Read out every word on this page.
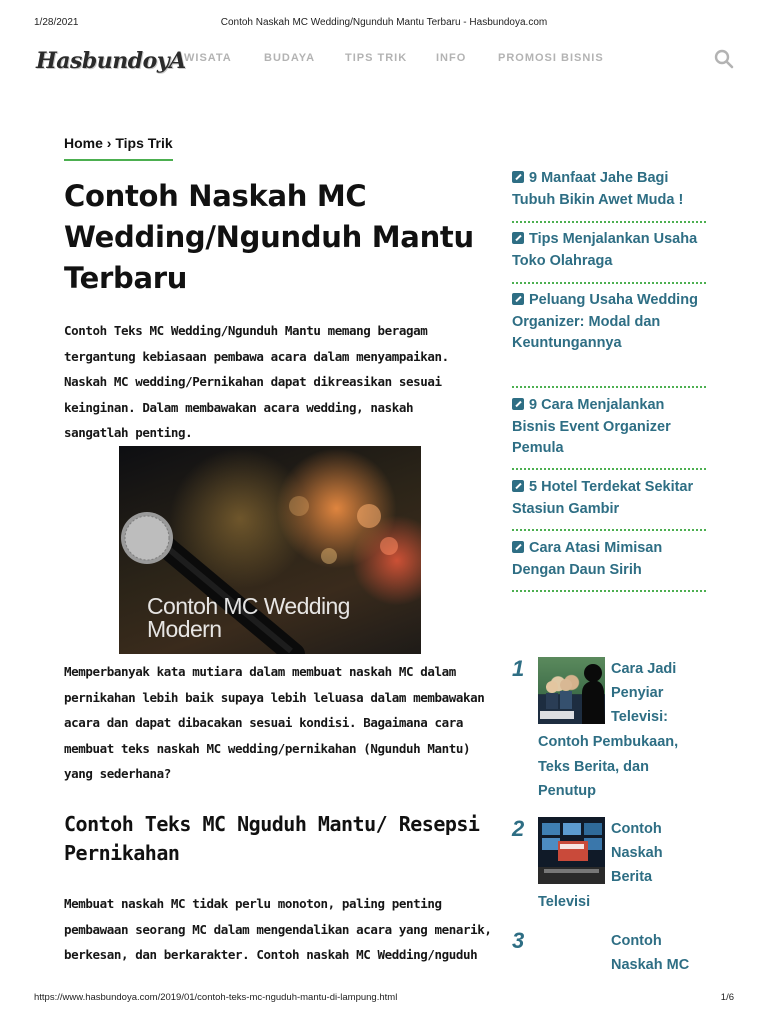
1/28/2021	Contoh Naskah MC Wedding/Ngunduh Mantu Terbaru - Hasbundoya.com
HasbundoyA
WISATA	BUDAYA	TIPS TRIK	INFO	PROMOSI BISNIS
Home › Tips Trik
Contoh Naskah MC Wedding/Ngunduh Mantu Terbaru

Contoh Teks MC Wedding/Ngunduh Mantu memang beragam tergantung kebiasaan pembawa acara dalam menyampaikan. Naskah MC wedding/Pernikahan dapat dikreasikan sesuai keinginan. Dalam membawakan acara wedding, naskah sangatlah penting.

Contoh MC Wedding Modern

Memperbanyak kata mutiara dalam membuat naskah MC dalam pernikahan lebih baik supaya lebih leluasa dalam membawakan acara dan dapat dibacakan sesuai kondisi. Bagaimana cara membuat teks naskah MC wedding/pernikahan (Ngunduh Mantu) yang sederhana?

Contoh Teks MC Nguduh Mantu/ Resepsi Pernikahan

Membuat naskah MC tidak perlu monoton, paling penting pembawaan seorang MC dalam mengendalikan acara yang menarik, berkesan, dan berkarakter. Contoh naskah MC Wedding/nguduh

9 Manfaat Jahe Bagi Tubuh Bikin Awet Muda !
Tips Menjalankan Usaha Toko Olahraga
Peluang Usaha Wedding Organizer: Modal dan Keuntungannya
9 Cara Menjalankan Bisnis Event Organizer Pemula
5 Hotel Terdekat Sekitar Stasiun Gambir
Cara Atasi Mimisan Dengan Daun Sirih
1	Cara Jadi
Penyiar
Televisi:
Contoh Pembukaan, Teks Berita, dan Penutup
2	Contoh
Naskah
Berita
Televisi
3	Contoh
Naskah MC
https://www.hasbundoya.com/2019/01/contoh-teks-mc-nguduh-mantu-di-lampung.html	1/6
